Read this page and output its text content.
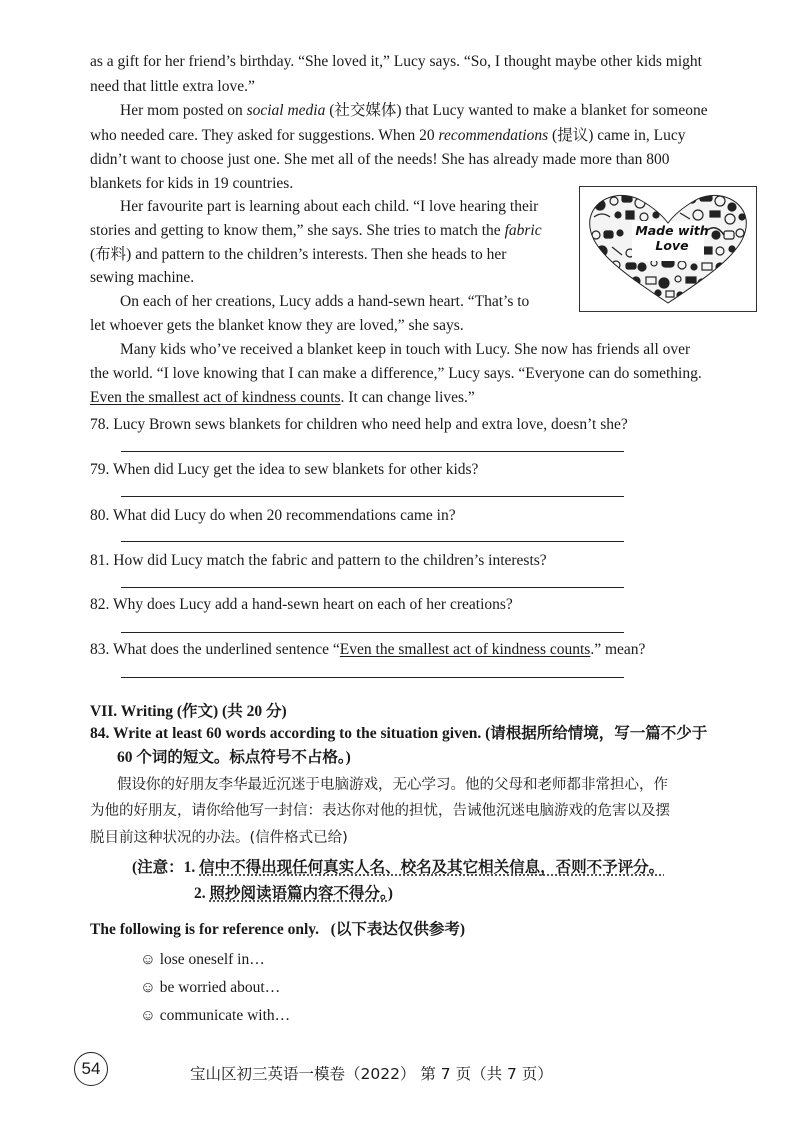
as a gift for her friend’s birthday. “She loved it,” Lucy says. “So, I thought maybe other kids might
need that little extra love.”
Her mom posted on social media (社交媒体) that Lucy wanted to make a blanket for someone
who needed care. They asked for suggestions. When 20 recommendations (提议) came in, Lucy
didn’t want to choose just one. She met all of the needs! She has already made more than 800
blankets for kids in 19 countries.
Her favourite part is learning about each child. “I love hearing their
stories and getting to know them,” she says. She tries to match the fabric
(布料) and pattern to the children’s interests. Then she heads to her
sewing machine.
On each of her creations, Lucy adds a hand-sewn heart. “That’s to
let whoever gets the blanket know they are loved,” she says.
Many kids who’ve received a blanket keep in touch with Lucy. She now has friends all over
the world. “I love knowing that I can make a difference,” Lucy says. “Everyone can do something.
Even the smallest act of kindness counts. It can change lives.”
Made with
Love
78. Lucy Brown sews blankets for children who need help and extra love, doesn’t she?
79. When did Lucy get the idea to sew blankets for other kids?
80. What did Lucy do when 20 recommendations came in?
81. How did Lucy match the fabric and pattern to the children’s interests?
82. Why does Lucy add a hand-sewn heart on each of her creations?
83. What does the underlined sentence “Even the smallest act of kindness counts.” mean?
VII. Writing (作文) (共 20 分)
84. Write at least 60 words according to the situation given. (请根据所给情境，写一篇不少于
60 个词的短文。标点符号不占格。)
假设你的好朋友李华最近沉迷于电脑游戏，无心学习。他的父母和老师都非常担心，作
为他的好朋友，请你给他写一封信：表达你对他的担忧，告诫他沉迷电脑游戏的危害以及摆
脱目前这种状况的办法。(信件格式已给)
(注意：1. 信中不得出现任何真实人名、校名及其它相关信息，否则不予评分。
2. 照抄阅读语篇内容不得分。)
The following is for reference only. (以下表达仅供参考)
☺ lose oneself in…
☺ be worried about…
☺ communicate with…
54	宝山区初三英语一模卷（2022） 第 7 页（共 7 页）
